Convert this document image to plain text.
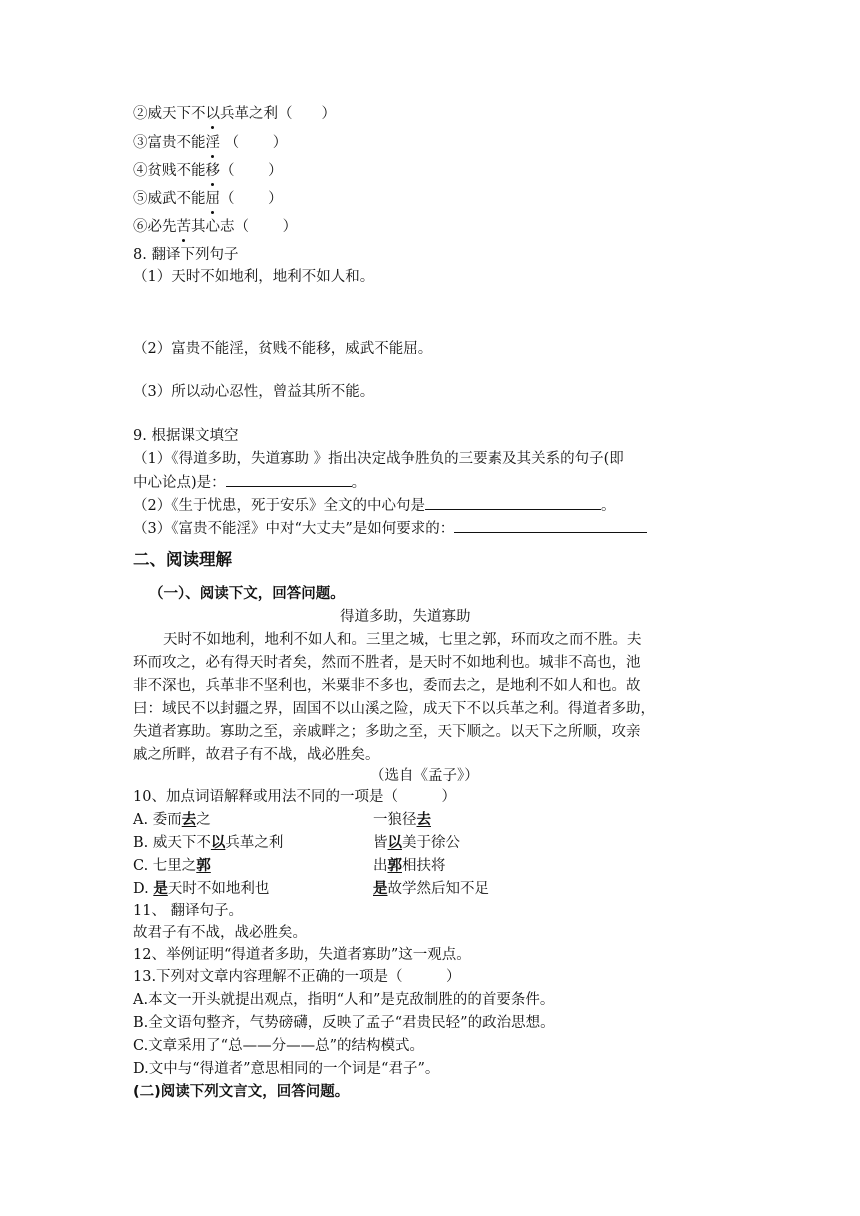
②威天下不以兵革之利（　　）
③富贵不能淫 （　　 ）
④贫贱不能移（　　 ）
⑤威武不能屈（　　 ）
⑥必先苦其心志（　　 ）
8. 翻译下列句子
（1）天时不如地利，地利不如人和。
（2）富贵不能淫，贫贱不能移，威武不能屈。
（3）所以动心忍性，曾益其所不能。
9. 根据课文填空
（1）《得道多助，失道寡助 》指出决定战争胜负的三要素及其关系的句子(即
中心论点)是：	。
（2）《生于忧患，死于安乐》全文的中心句是	。
（3）《富贵不能淫》中对“大丈夫”是如何要求的：
二、阅读理解
（一）、阅读下文，回答问题。
得道多助，失道寡助
天时不如地利，地利不如人和。三里之城，七里之郭，环而攻之而不胜。夫
环而攻之，必有得天时者矣，然而不胜者，是天时不如地利也。城非不高也，池
非不深也，兵革非不坚利也，米粟非不多也，委而去之，是地利不如人和也。故
曰：域民不以封疆之界，固国不以山溪之险，成天下不以兵革之利。得道者多助，
失道者寡助。寡助之至，亲戚畔之；多助之至，天下顺之。以天下之所顺，攻亲
戚之所畔，故君子有不战，战必胜矣。
（选自《孟子》）
10、加点词语解释或用法不同的一项是（　　　）
A. 委而去之	一狼径去
B. 威天下不以兵革之利	皆以美于徐公
C. 七里之郭	出郭相扶将
D. 是天时不如地利也	是故学然后知不足
11、 翻译句子。
故君子有不战，战必胜矣。
12、举例证明“得道者多助，失道者寡助”这一观点。
13.下列对文章内容理解不正确的一项是（　　　）
A.本文一开头就提出观点，指明“人和”是克敌制胜的的首要条件。
B.全文语句整齐，气势磅礴，反映了孟子“君贵民轻”的政治思想。
C.文章采用了“总——分——总”的结构模式。
D.文中与“得道者”意思相同的一个词是“君子”。
(二)阅读下列文言文，回答问题。
